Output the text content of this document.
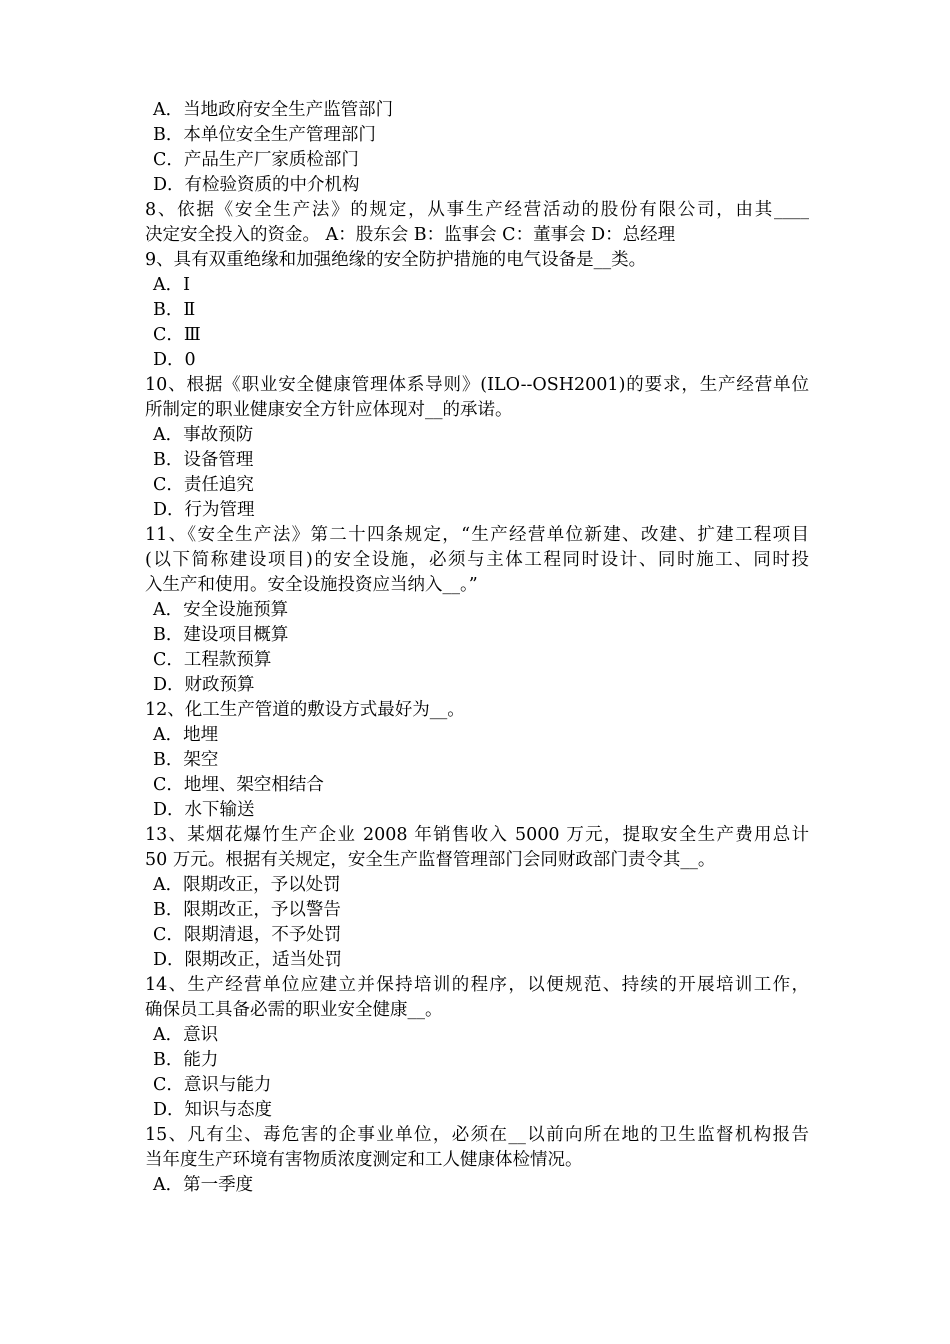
A．当地政府安全生产监管部门
B．本单位安全生产管理部门
C．产品生产厂家质检部门
D．有检验资质的中介机构
8、依据《安全生产法》的规定，从事生产经营活动的股份有限公司，由其____
决定安全投入的资金。 A：股东会 B：监事会 C：董事会 D：总经理
9、具有双重绝缘和加强绝缘的安全防护措施的电气设备是__类。
A．Ⅰ
B．Ⅱ
C．Ⅲ
D．0
10、根据《职业安全健康管理体系导则》(ILO--OSH2001)的要求，生产经营单位
所制定的职业健康安全方针应体现对__的承诺。
A．事故预防
B．设备管理
C．责任追究
D．行为管理
11、《安全生产法》第二十四条规定，“生产经营单位新建、改建、扩建工程项目
(以下简称建设项目)的安全设施，必须与主体工程同时设计、同时施工、同时投
入生产和使用。安全设施投资应当纳入__。”
A．安全设施预算
B．建设项目概算
C．工程款预算
D．财政预算
12、化工生产管道的敷设方式最好为__。
A．地埋
B．架空
C．地埋、架空相结合
D．水下输送
13、某烟花爆竹生产企业 2008 年销售收入 5000 万元，提取安全生产费用总计
50 万元。根据有关规定，安全生产监督管理部门会同财政部门责令其__。
A．限期改正，予以处罚
B．限期改正，予以警告
C．限期清退，不予处罚
D．限期改正，适当处罚
14、生产经营单位应建立并保持培训的程序，以便规范、持续的开展培训工作，
确保员工具备必需的职业安全健康__。
A．意识
B．能力
C．意识与能力
D．知识与态度
15、凡有尘、毒危害的企事业单位，必须在__以前向所在地的卫生监督机构报告
当年度生产环境有害物质浓度测定和工人健康体检情况。
A．第一季度
